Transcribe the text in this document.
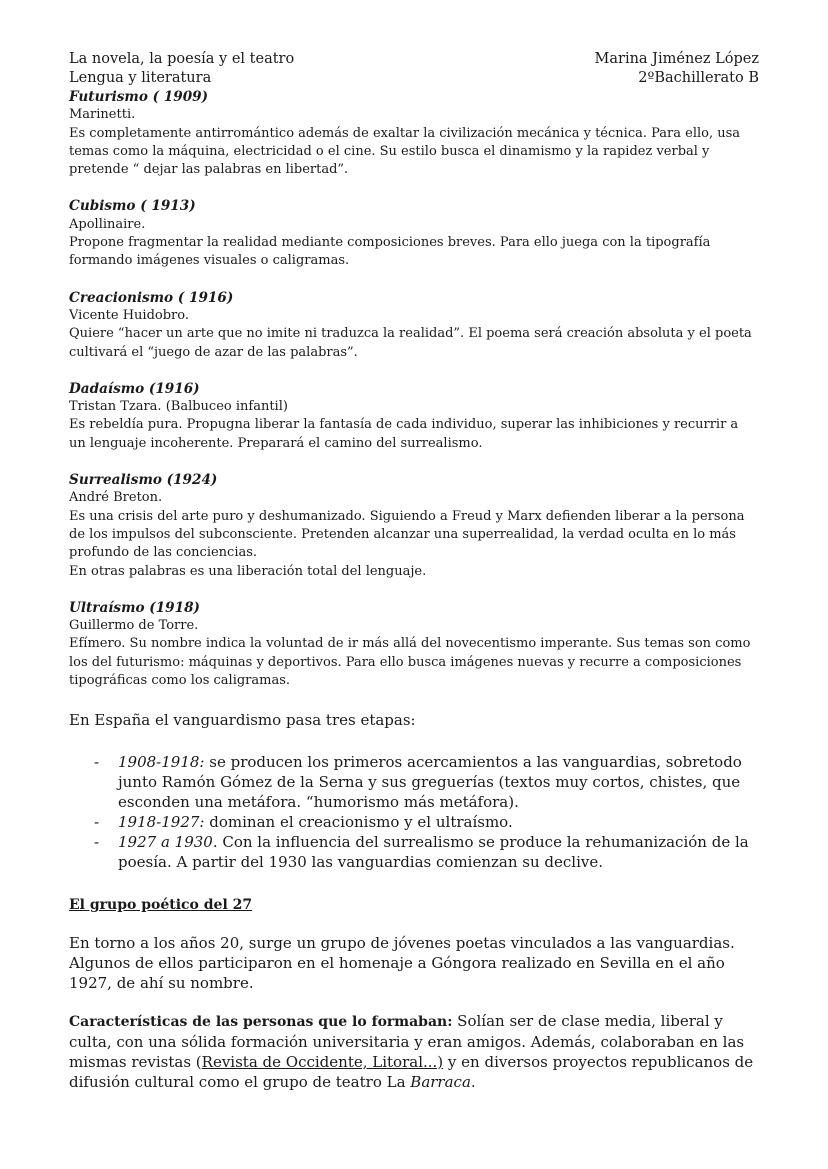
La novela, la poesía y el teatro
Lengua y literatura
Marina Jiménez López
2ºBachillerato B
Futurismo ( 1909)
Marinetti.
Es completamente antirromántico además de exaltar la civilización mecánica y técnica. Para ello, usa temas como la máquina, electricidad o el cine. Su estilo busca el dinamismo y la rapidez verbal y pretende “ dejar las palabras en libertad”.
Cubismo ( 1913)
Apollinaire.
Propone fragmentar la realidad mediante composiciones breves. Para ello juega con la tipografía formando imágenes visuales o caligramas.
Creacionismo ( 1916)
Vicente Huidobro.
Quiere “hacer un arte que no imite ni traduzca la realidad”. El poema será creación absoluta y el poeta cultivará el “juego de azar de las palabras”.
Dadaísmo (1916)
Tristan Tzara. (Balbuceo infantil)
Es rebeldía pura. Propugna liberar la fantasía de cada individuo, superar las inhibiciones y recurrir a un lenguaje incoherente. Preparará el camino del surrealismo.
Surrealismo (1924)
André Breton.
Es una crisis del arte puro y deshumanizado. Siguiendo a Freud y Marx defienden liberar a la persona de los impulsos del subconsciente. Pretenden alcanzar una superrealidad, la verdad oculta en lo más profundo de las conciencias.
En otras palabras es una liberación total del lenguaje.
Ultraísmo (1918)
Guillermo de Torre.
Efímero. Su nombre indica la voluntad de ir más allá del novecentismo imperante. Sus temas son como los del futurismo: máquinas y deportivos. Para ello busca imágenes nuevas y recurre a composiciones tipográficas como los caligramas.
En España el vanguardismo pasa tres etapas:
- 1908-1918: se producen los primeros acercamientos a las vanguardias, sobretodo junto Ramón Gómez de la Serna y sus greguerías (textos muy cortos, chistes, que esconden una metáfora. “humorismo más metáfora).
- 1918-1927: dominan el creacionismo y el ultraísmo.
- 1927 a 1930. Con la influencia del surrealismo se produce la rehumanización de la poesía. A partir del 1930 las vanguardias comienzan su declive.
El grupo poético del 27
En torno a los años 20, surge un grupo de jóvenes poetas vinculados a las vanguardias. Algunos de ellos participaron en el homenaje a Góngora realizado en Sevilla en el año 1927, de ahí su nombre.
Características de las personas que lo formaban: Solían ser de clase media, liberal y culta, con una sólida formación universitaria y eran amigos. Además, colaboraban en las mismas revistas (Revista de Occidente, Litoral...) y en diversos proyectos republicanos de difusión cultural como el grupo de teatro La Barraca.
